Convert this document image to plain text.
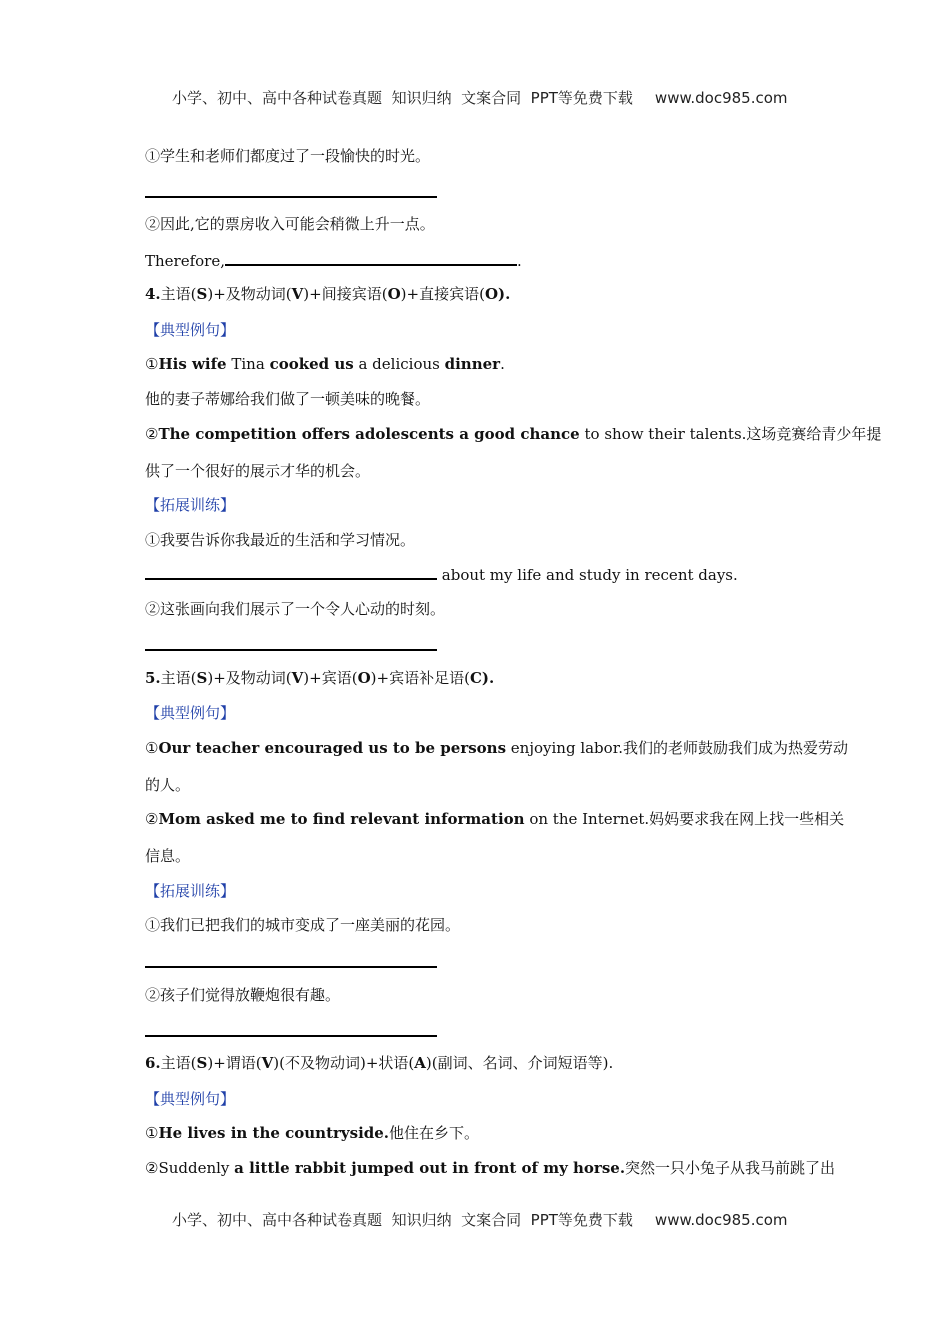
小学、初中、高中各种试卷真题  知识归纳  文案合同  PPT等免费下载 www.doc985.com

①学生和老师们都度过了一段愉快的时光。
②因此,它的票房收入可能会稍微上升一点。
Therefore,	.
4.主语(S)+及物动词(V)+间接宾语(O)+直接宾语(O).
【典型例句】
①His wife Tina cooked us a delicious dinner.
他的妻子蒂娜给我们做了一顿美味的晚餐。
②The competition offers adolescents a good chance to show their talents.这场竞赛给青少年提
供了一个很好的展示才华的机会。
【拓展训练】
①我要告诉你我最近的生活和学习情况。
about my life and study in recent days.
②这张画向我们展示了一个令人心动的时刻。
5.主语(S)+及物动词(V)+宾语(O)+宾语补足语(C).
【典型例句】
①Our teacher encouraged us to be persons enjoying labor.我们的老师鼓励我们成为热爱劳动
的人。
②Mom asked me to find relevant information on the Internet.妈妈要求我在网上找一些相关
信息。
【拓展训练】
①我们已把我们的城市变成了一座美丽的花园。
②孩子们觉得放鞭炮很有趣。
6.主语(S)+谓语(V)(不及物动词)+状语(A)(副词、名词、介词短语等).
【典型例句】
①He lives in the countryside.他住在乡下。
②Suddenly a little rabbit jumped out in front of my horse.突然一只小兔子从我马前跳了出

小学、初中、高中各种试卷真题  知识归纳  文案合同  PPT等免费下载 www.doc985.com
